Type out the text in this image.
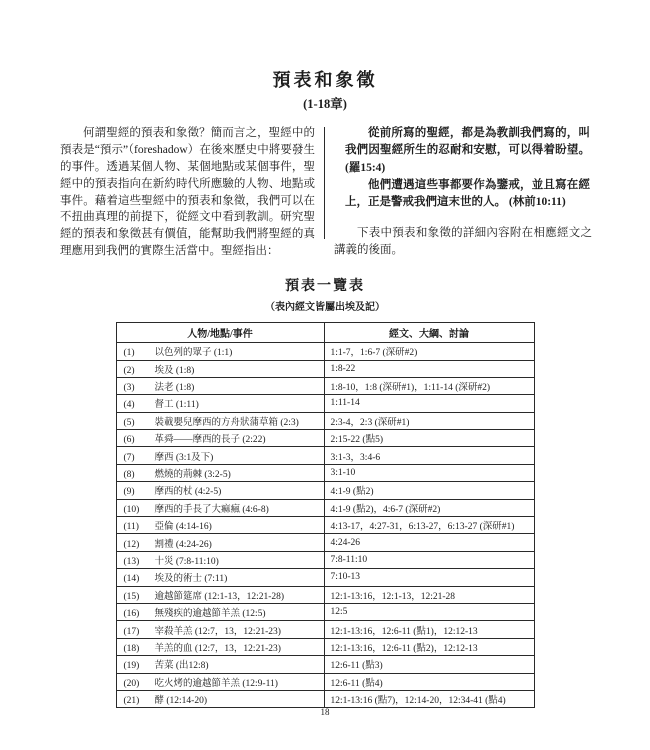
預表和象徵
(1-18章)

何謂聖經的預表和象徵？簡而言之，聖經中的預表是“預示”（foreshadow）在後來歷史中將要發生的事件。透過某個人物、某個地點或某個事件，聖經中的預表指向在新約時代所應驗的人物、地點或事件。藉着這些聖經中的預表和象徵，我們可以在不扭曲真理的前提下，從經文中看到教訓。研究聖經的預表和象徵甚有價值，能幫助我們將聖經的真理應用到我們的實際生活當中。聖經指出：

從前所寫的聖經，都是為教訓我們寫的，叫我們因聖經所生的忍耐和安慰，可以得着盼望。 (羅15:4)

他們遭遇這些事都要作為鑒戒，並且寫在經上，正是警戒我們這末世的人。 (林前10:11)

下表中預表和象徵的詳細內容附在相應經文之講義的後面。

預表一覽表
（表內經文皆屬出埃及記）
人物/地點/事件	經文、大綱、討論
(1) 以色列的眾子 (1:1)	1:1-7，1:6-7 (深研#2)
(2) 埃及 (1:8)	1:8-22
(3) 法老 (1:8)	1:8-10，1:8 (深研#1)，1:11-14 (深研#2)
(4) 督工 (1:11)	1:11-14
(5) 裝載嬰兒摩西的方舟狀蒲草箱 (2:3)	2:3-4，2:3 (深研#1)
(6) 革舜——摩西的長子 (2:22)	2:15-22 (點5)
(7) 摩西 (3:1及下)	3:1-3，3:4-6
(8) 燃燒的荊棘 (3:2-5)	3:1-10
(9) 摩西的杖 (4:2-5)	4:1-9 (點2)
(10) 摩西的手長了大痲瘋 (4:6-8)	4:1-9 (點2)，4:6-7 (深研#2)
(11) 亞倫 (4:14-16)	4:13-17，4:27-31，6:13-27，6:13-27 (深研#1)
(12) 割禮 (4:24-26)	4:24-26
(13) 十災 (7:8-11:10)	7:8-11:10
(14) 埃及的術士 (7:11)	7:10-13
(15) 逾越節筵席 (12:1-13，12:21-28)	12:1-13:16，12:1-13，12:21-28
(16) 無殘疾的逾越節羊羔 (12:5)	12:5
(17) 宰殺羊羔 (12:7，13，12:21-23)	12:1-13:16，12:6-11 (點1)，12:12-13
(18) 羊羔的血 (12:7，13，12:21-23)	12:1-13:16，12:6-11 (點2)，12:12-13
(19) 苦菜 (出12:8)	12:6-11 (點3)
(20) 吃火烤的逾越節羊羔 (12:9-11)	12:6-11 (點4)
(21) 酵 (12:14-20)	12:1-13:16 (點7)，12:14-20，12:34-41 (點4)
18
